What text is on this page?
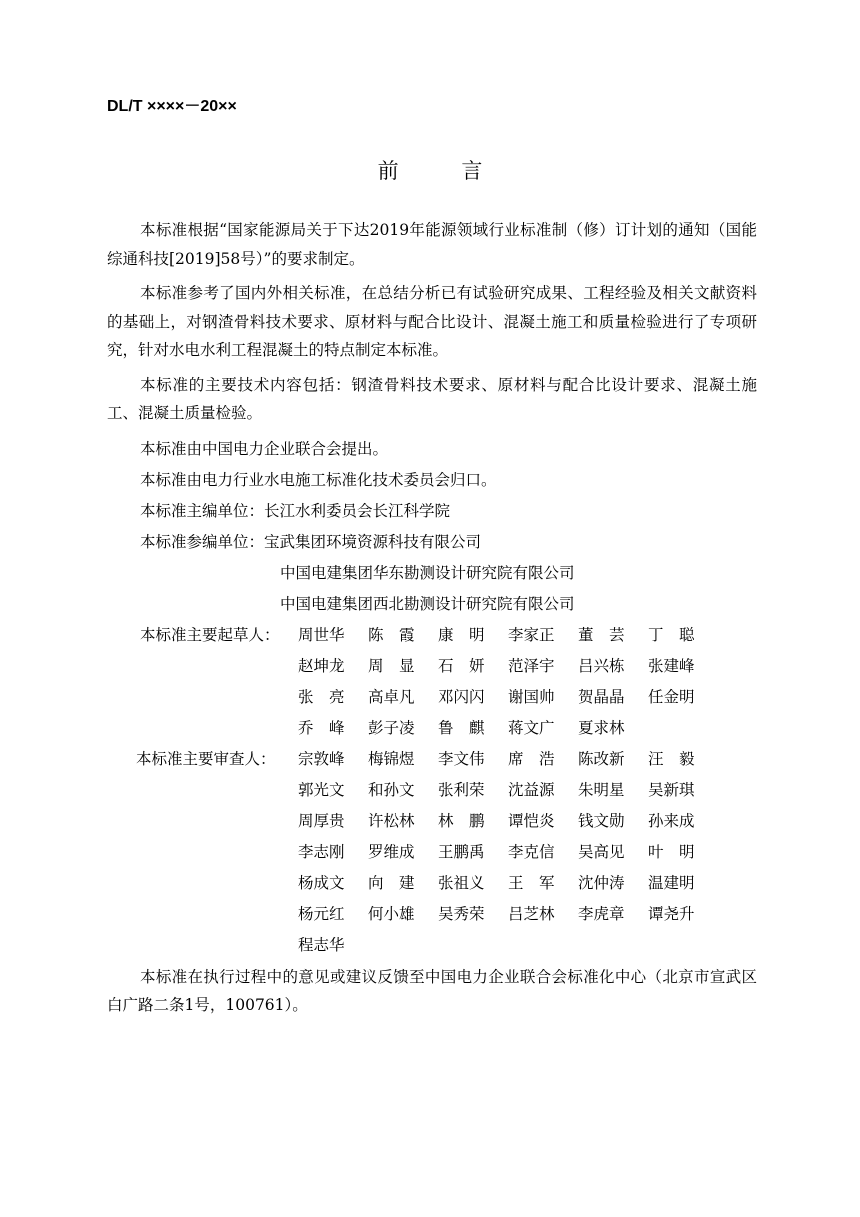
DL/T ××××－20××
前 言

本标准根据“国家能源局关于下达2019年能源领域行业标准制（修）订计划的通知（国能综通科技[2019]58号）”的要求制定。

本标准参考了国内外相关标准，在总结分析已有试验研究成果、工程经验及相关文献资料的基础上，对钢渣骨料技术要求、原材料与配合比设计、混凝土施工和质量检验进行了专项研究，针对水电水利工程混凝土的特点制定本标准。

本标准的主要技术内容包括：钢渣骨料技术要求、原材料与配合比设计要求、混凝土施工、混凝土质量检验。

本标准由中国电力企业联合会提出。
本标准由电力行业水电施工标准化技术委员会归口。
本标准主编单位： 长江水利委员会长江科学院
本标准参编单位： 宝武集团环境资源科技有限公司
中国电建集团华东勘测设计研究院有限公司
中国电建集团西北勘测设计研究院有限公司
本标准主要起草人： 周世华 陈　霞 康　明 李家正 董　芸 丁　聪
赵坤龙 周　显 石　妍 范泽宇 吕兴栋 张建峰
张　亮 高卓凡 邓闪闪 谢国帅 贺晶晶 任金明
乔　峰 彭子凌 鲁　麒 蒋文广 夏求林
本标准主要审查人： 宗敦峰 梅锦煜 李文伟 席　浩 陈改新 汪　毅
郭光文 和孙文 张利荣 沈益源 朱明星 吴新琪
周厚贵 许松林 林　鹏 谭恺炎 钱文勋 孙来成
李志刚 罗维成 王鹏禹 李克信 吴高见 叶　明
杨成文 向　建 张祖义 王　军 沈仲涛 温建明
杨元红 何小雄 吴秀荣 吕芝林 李虎章 谭尧升
程志华

本标准在执行过程中的意见或建议反馈至中国电力企业联合会标准化中心（北京市宣武区白广路二条1号，100761）。
